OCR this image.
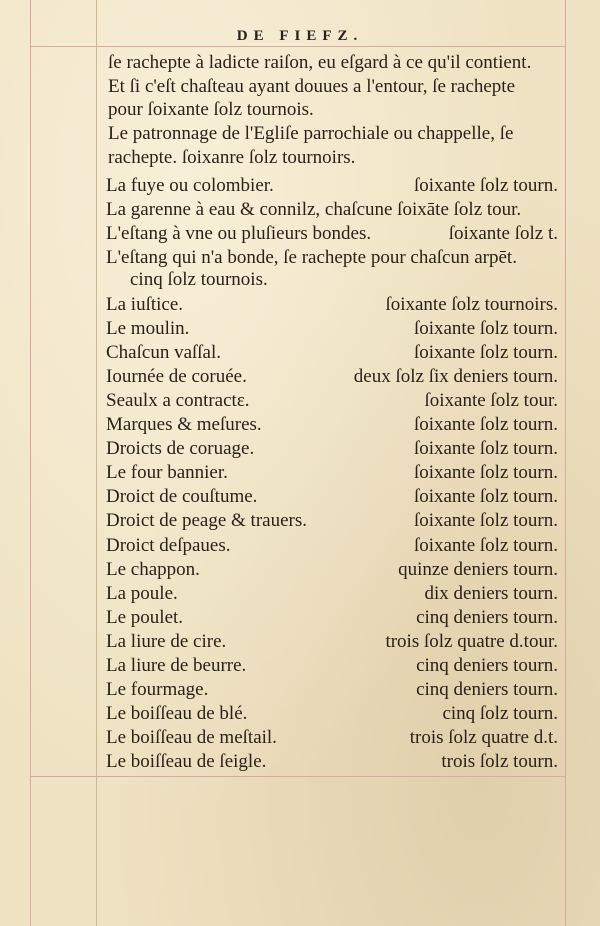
DE FIEFZ.
ſe rachepte à ladicte raiſon, eu eſgard à ce qu'il contient.
Et ſi c'eſt chaſteau ayant douues a l'entour, ſe rachepte
pour ſoixante ſolz tournois.
Le patronnage de l'Egliſe parrochiale ou chappelle, ſe
rachepte. ſoixanre ſolz tournoirs.
La fuye ou colombier.	ſoixante ſolz tourn.
La garenne à eau & connilz, chaſcune ſoixāte ſolz tour.
L'eſtang à vne ou pluſieurs bondes.	ſoixante ſolz t.
L'eſtang qui n'a bonde, ſe rachepte pour chaſcun arpēt.
cinq ſolz tournois.
La iuſtice.	ſoixante ſolz tournoirs.
Le moulin.	ſoixante ſolz tourn.
Chaſcun vaſſal.	ſoixante ſolz tourn.
Iournée de coruée.	deux ſolz ſix deniers tourn.
Seaulx a contractɛ.	ſoixante ſolz tour.
Marques & meſures.	ſoixante ſolz tourn.
Droicts de coruage.	ſoixante ſolz tourn.
Le four bannier.	ſoixante ſolz tourn.
Droict de couſtume.	ſoixante ſolz tourn.
Droict de peage & trauers.	ſoixante ſolz tourn.
Droict deſpaues.	ſoixante ſolz tourn.
Le chappon.	quinze deniers tourn.
La poule.	dix deniers tourn.
Le poulet.	cinq deniers tourn.
La liure de cire.	trois ſolz quatre d.tour.
La liure de beurre.	cinq deniers tourn.
Le fourmage.	cinq deniers tourn.
Le boiſſeau de blé.	cinq ſolz tourn.
Le boiſſeau de meſtail.	trois ſolz quatre d.t.
Le boiſſeau de ſeigle.	trois ſolz tourn.
